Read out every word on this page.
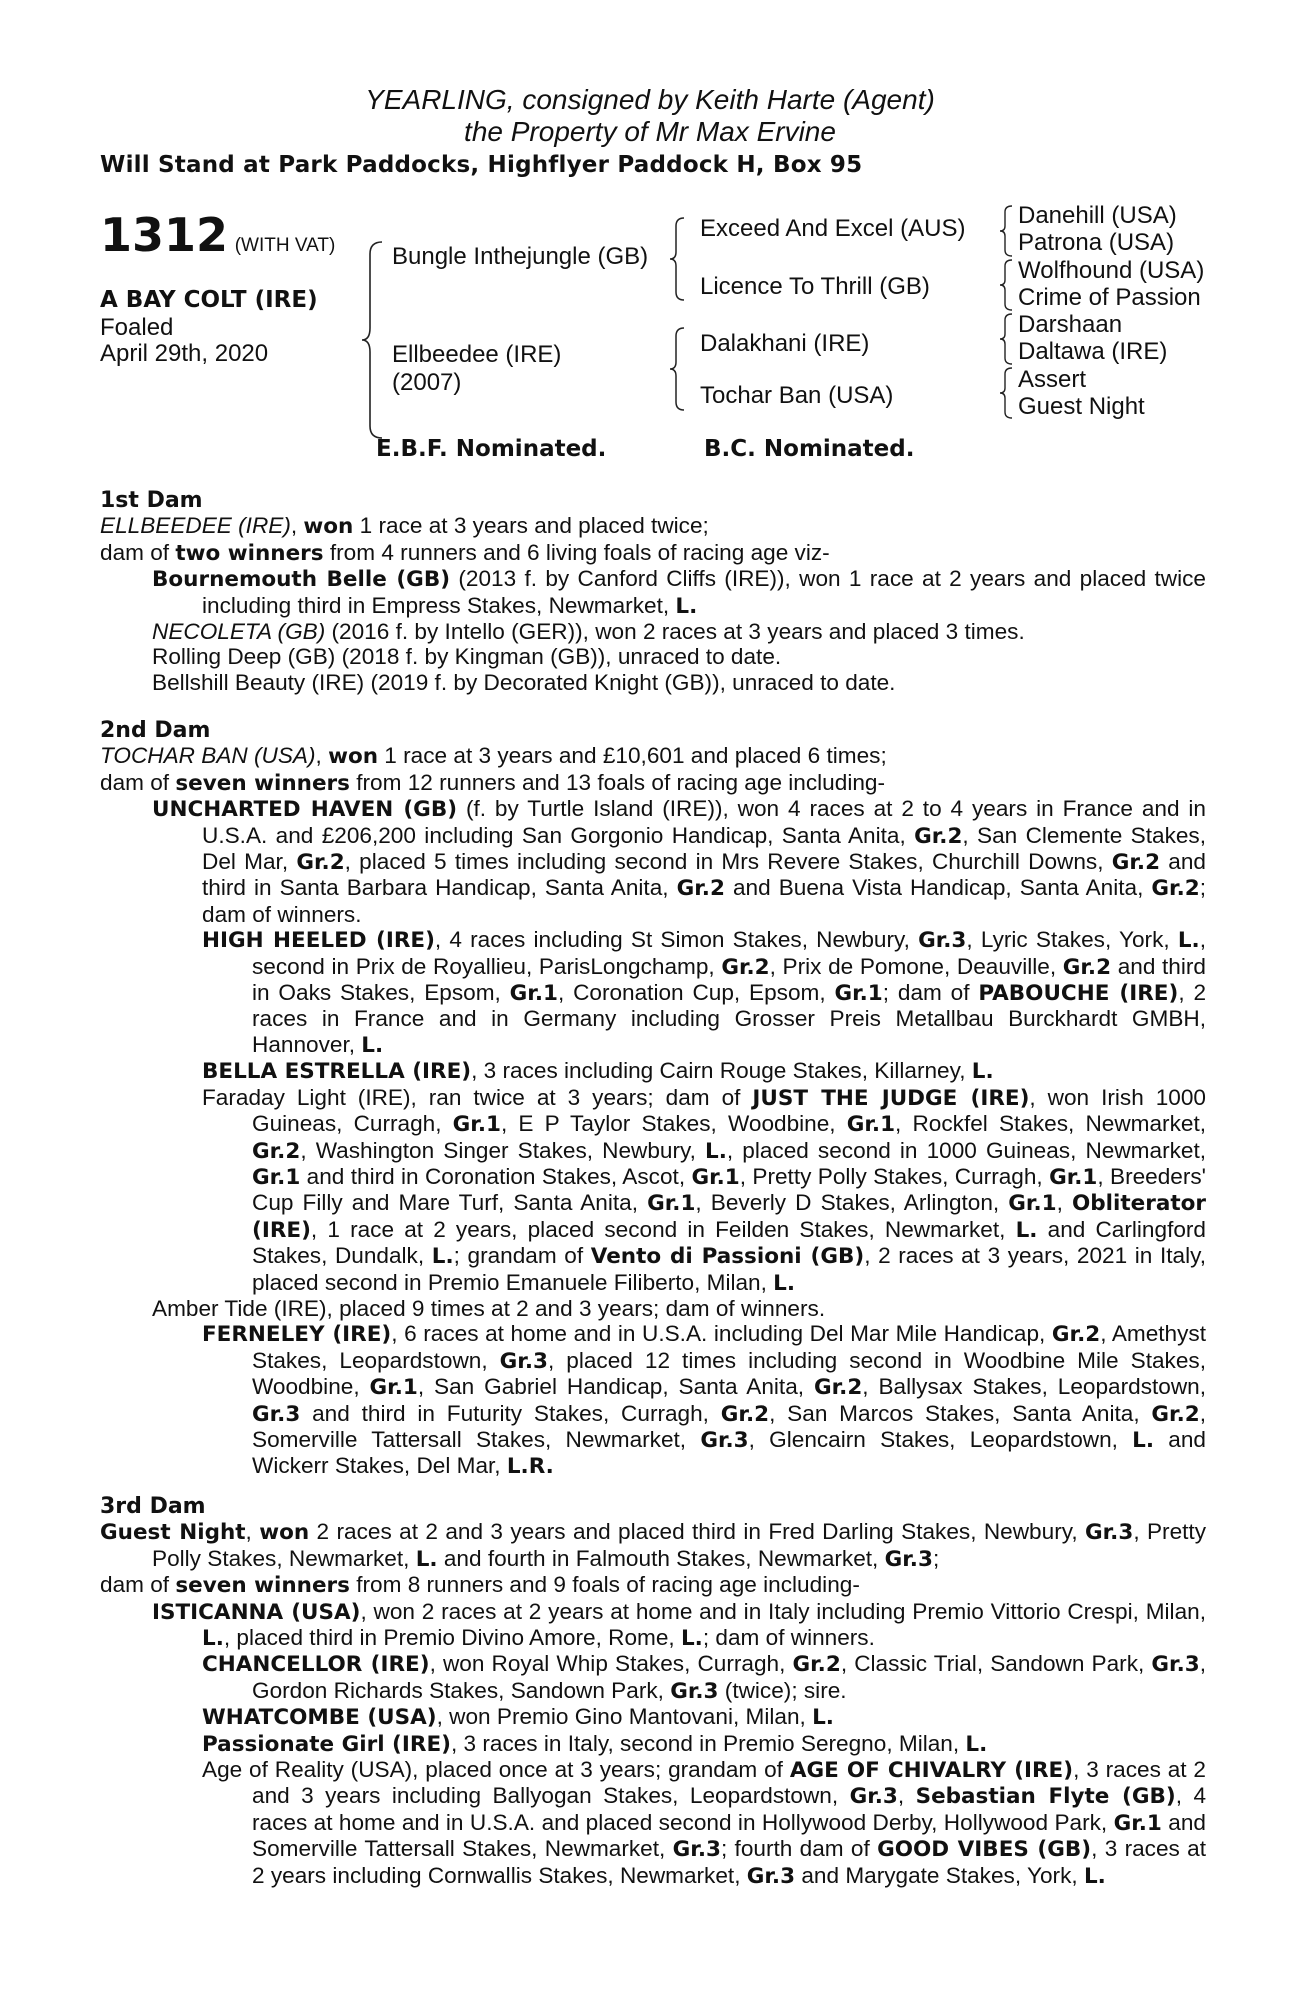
YEARLING, consigned by Keith Harte (Agent)
the Property of Mr Max Ervine
Will Stand at Park Paddocks, Highflyer Paddock H, Box 95
1312 (WITH VAT)
A BAY COLT (IRE)
Foaled
April 29th, 2020
Bungle Inthejungle (GB)
Ellbeedee (IRE)
(2007)
Exceed And Excel (AUS)
Licence To Thrill (GB)
Dalakhani (IRE)
Tochar Ban (USA)
Danehill (USA)
Patrona (USA)
Wolfhound (USA)
Crime of Passion
Darshaan
Daltawa (IRE)
Assert
Guest Night
E.B.F. Nominated.	B.C. Nominated.
1st Dam
ELLBEEDEE (IRE), won 1 race at 3 years and placed twice;
dam of two winners from 4 runners and 6 living foals of racing age viz-
Bournemouth Belle (GB) (2013 f. by Canford Cliffs (IRE)), won 1 race at 2 years and placed twice including third in Empress Stakes, Newmarket, L.
NECOLETA (GB) (2016 f. by Intello (GER)), won 2 races at 3 years and placed 3 times.
Rolling Deep (GB) (2018 f. by Kingman (GB)), unraced to date.
Bellshill Beauty (IRE) (2019 f. by Decorated Knight (GB)), unraced to date.
2nd Dam
TOCHAR BAN (USA), won 1 race at 3 years and £10,601 and placed 6 times;
dam of seven winners from 12 runners and 13 foals of racing age including-
UNCHARTED HAVEN (GB) (f. by Turtle Island (IRE)), won 4 races at 2 to 4 years in France and in U.S.A. and £206,200 including San Gorgonio Handicap, Santa Anita, Gr.2, San Clemente Stakes, Del Mar, Gr.2, placed 5 times including second in Mrs Revere Stakes, Churchill Downs, Gr.2 and third in Santa Barbara Handicap, Santa Anita, Gr.2 and Buena Vista Handicap, Santa Anita, Gr.2; dam of winners.
HIGH HEELED (IRE), 4 races including St Simon Stakes, Newbury, Gr.3, Lyric Stakes, York, L., second in Prix de Royallieu, ParisLongchamp, Gr.2, Prix de Pomone, Deauville, Gr.2 and third in Oaks Stakes, Epsom, Gr.1, Coronation Cup, Epsom, Gr.1; dam of PABOUCHE (IRE), 2 races in France and in Germany including Grosser Preis Metallbau Burckhardt GMBH, Hannover, L.
BELLA ESTRELLA (IRE), 3 races including Cairn Rouge Stakes, Killarney, L.
Faraday Light (IRE), ran twice at 3 years; dam of JUST THE JUDGE (IRE), won Irish 1000 Guineas, Curragh, Gr.1, E P Taylor Stakes, Woodbine, Gr.1, Rockfel Stakes, Newmarket, Gr.2, Washington Singer Stakes, Newbury, L., placed second in 1000 Guineas, Newmarket, Gr.1 and third in Coronation Stakes, Ascot, Gr.1, Pretty Polly Stakes, Curragh, Gr.1, Breeders' Cup Filly and Mare Turf, Santa Anita, Gr.1, Beverly D Stakes, Arlington, Gr.1, Obliterator (IRE), 1 race at 2 years, placed second in Feilden Stakes, Newmarket, L. and Carlingford Stakes, Dundalk, L.; grandam of Vento di Passioni (GB), 2 races at 3 years, 2021 in Italy, placed second in Premio Emanuele Filiberto, Milan, L.
Amber Tide (IRE), placed 9 times at 2 and 3 years; dam of winners.
FERNELEY (IRE), 6 races at home and in U.S.A. including Del Mar Mile Handicap, Gr.2, Amethyst Stakes, Leopardstown, Gr.3, placed 12 times including second in Woodbine Mile Stakes, Woodbine, Gr.1, San Gabriel Handicap, Santa Anita, Gr.2, Ballysax Stakes, Leopardstown, Gr.3 and third in Futurity Stakes, Curragh, Gr.2, San Marcos Stakes, Santa Anita, Gr.2, Somerville Tattersall Stakes, Newmarket, Gr.3, Glencairn Stakes, Leopardstown, L. and Wickerr Stakes, Del Mar, L.R.
3rd Dam
Guest Night, won 2 races at 2 and 3 years and placed third in Fred Darling Stakes, Newbury, Gr.3, Pretty Polly Stakes, Newmarket, L. and fourth in Falmouth Stakes, Newmarket, Gr.3;
dam of seven winners from 8 runners and 9 foals of racing age including-
ISTICANNA (USA), won 2 races at 2 years at home and in Italy including Premio Vittorio Crespi, Milan, L., placed third in Premio Divino Amore, Rome, L.; dam of winners.
CHANCELLOR (IRE), won Royal Whip Stakes, Curragh, Gr.2, Classic Trial, Sandown Park, Gr.3, Gordon Richards Stakes, Sandown Park, Gr.3 (twice); sire.
WHATCOMBE (USA), won Premio Gino Mantovani, Milan, L.
Passionate Girl (IRE), 3 races in Italy, second in Premio Seregno, Milan, L.
Age of Reality (USA), placed once at 3 years; grandam of AGE OF CHIVALRY (IRE), 3 races at 2 and 3 years including Ballyogan Stakes, Leopardstown, Gr.3, Sebastian Flyte (GB), 4 races at home and in U.S.A. and placed second in Hollywood Derby, Hollywood Park, Gr.1 and Somerville Tattersall Stakes, Newmarket, Gr.3; fourth dam of GOOD VIBES (GB), 3 races at 2 years including Cornwallis Stakes, Newmarket, Gr.3 and Marygate Stakes, York, L.
